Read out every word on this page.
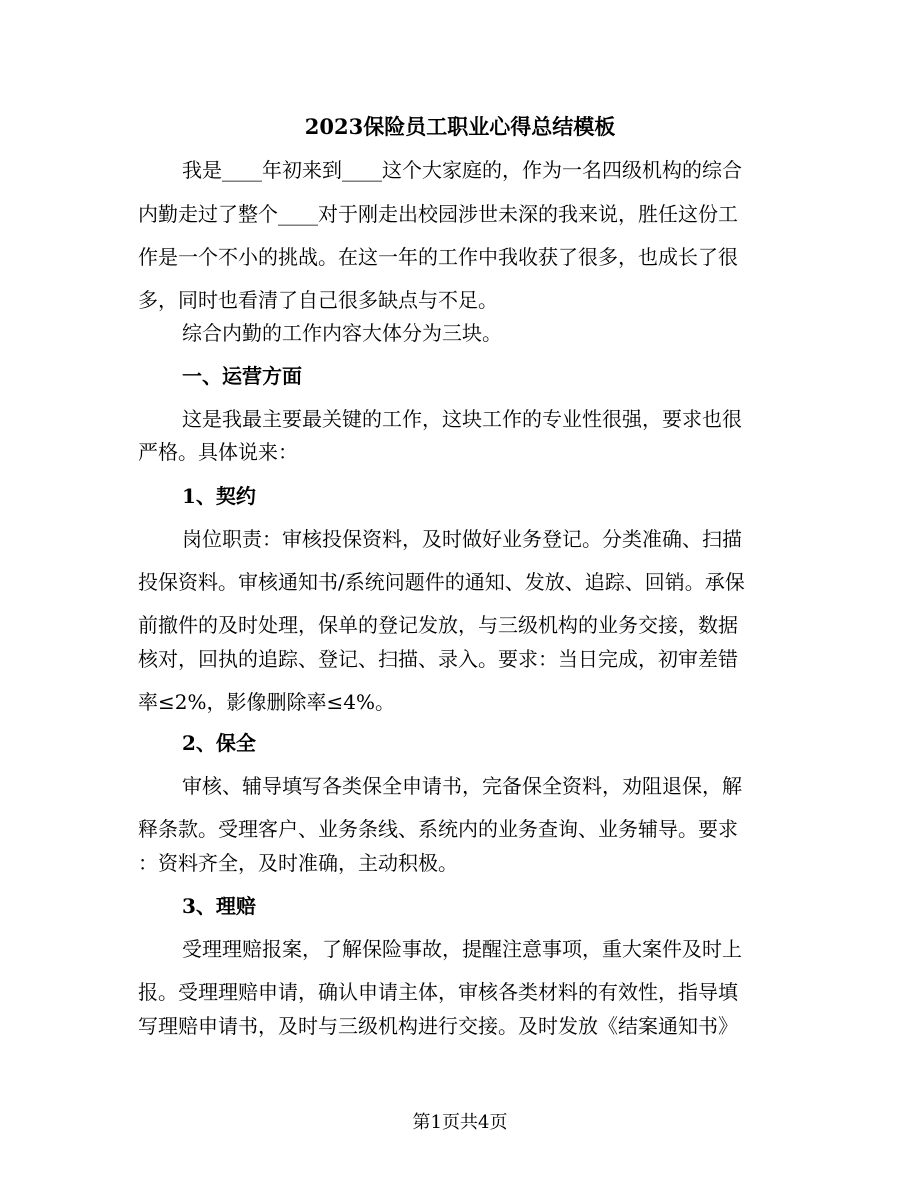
2023保险员工职业心得总结模板
我是____年初来到____这个大家庭的，作为一名四级机构的综合
内勤走过了整个____对于刚走出校园涉世未深的我来说，胜任这份工
作是一个不小的挑战。在这一年的工作中我收获了很多，也成长了很
多，同时也看清了自己很多缺点与不足。
综合内勤的工作内容大体分为三块。
一、运营方面
这是我最主要最关键的工作，这块工作的专业性很强，要求也很
严格。具体说来：
1、契约
岗位职责：审核投保资料，及时做好业务登记。分类准确、扫描
投保资料。审核通知书/系统问题件的通知、发放、追踪、回销。承保
前撤件的及时处理，保单的登记发放，与三级机构的业务交接，数据
核对，回执的追踪、登记、扫描、录入。要求：当日完成，初审差错
率≤2%，影像删除率≤4%。
2、保全
审核、辅导填写各类保全申请书，完备保全资料，劝阻退保，解
释条款。受理客户、业务条线、系统内的业务查询、业务辅导。要求
：资料齐全，及时准确，主动积极。
3、理赔
受理理赔报案，了解保险事故，提醒注意事项，重大案件及时上
报。受理理赔申请，确认申请主体，审核各类材料的有效性，指导填
写理赔申请书，及时与三级机构进行交接。及时发放《结案通知书》
第1页共4页
